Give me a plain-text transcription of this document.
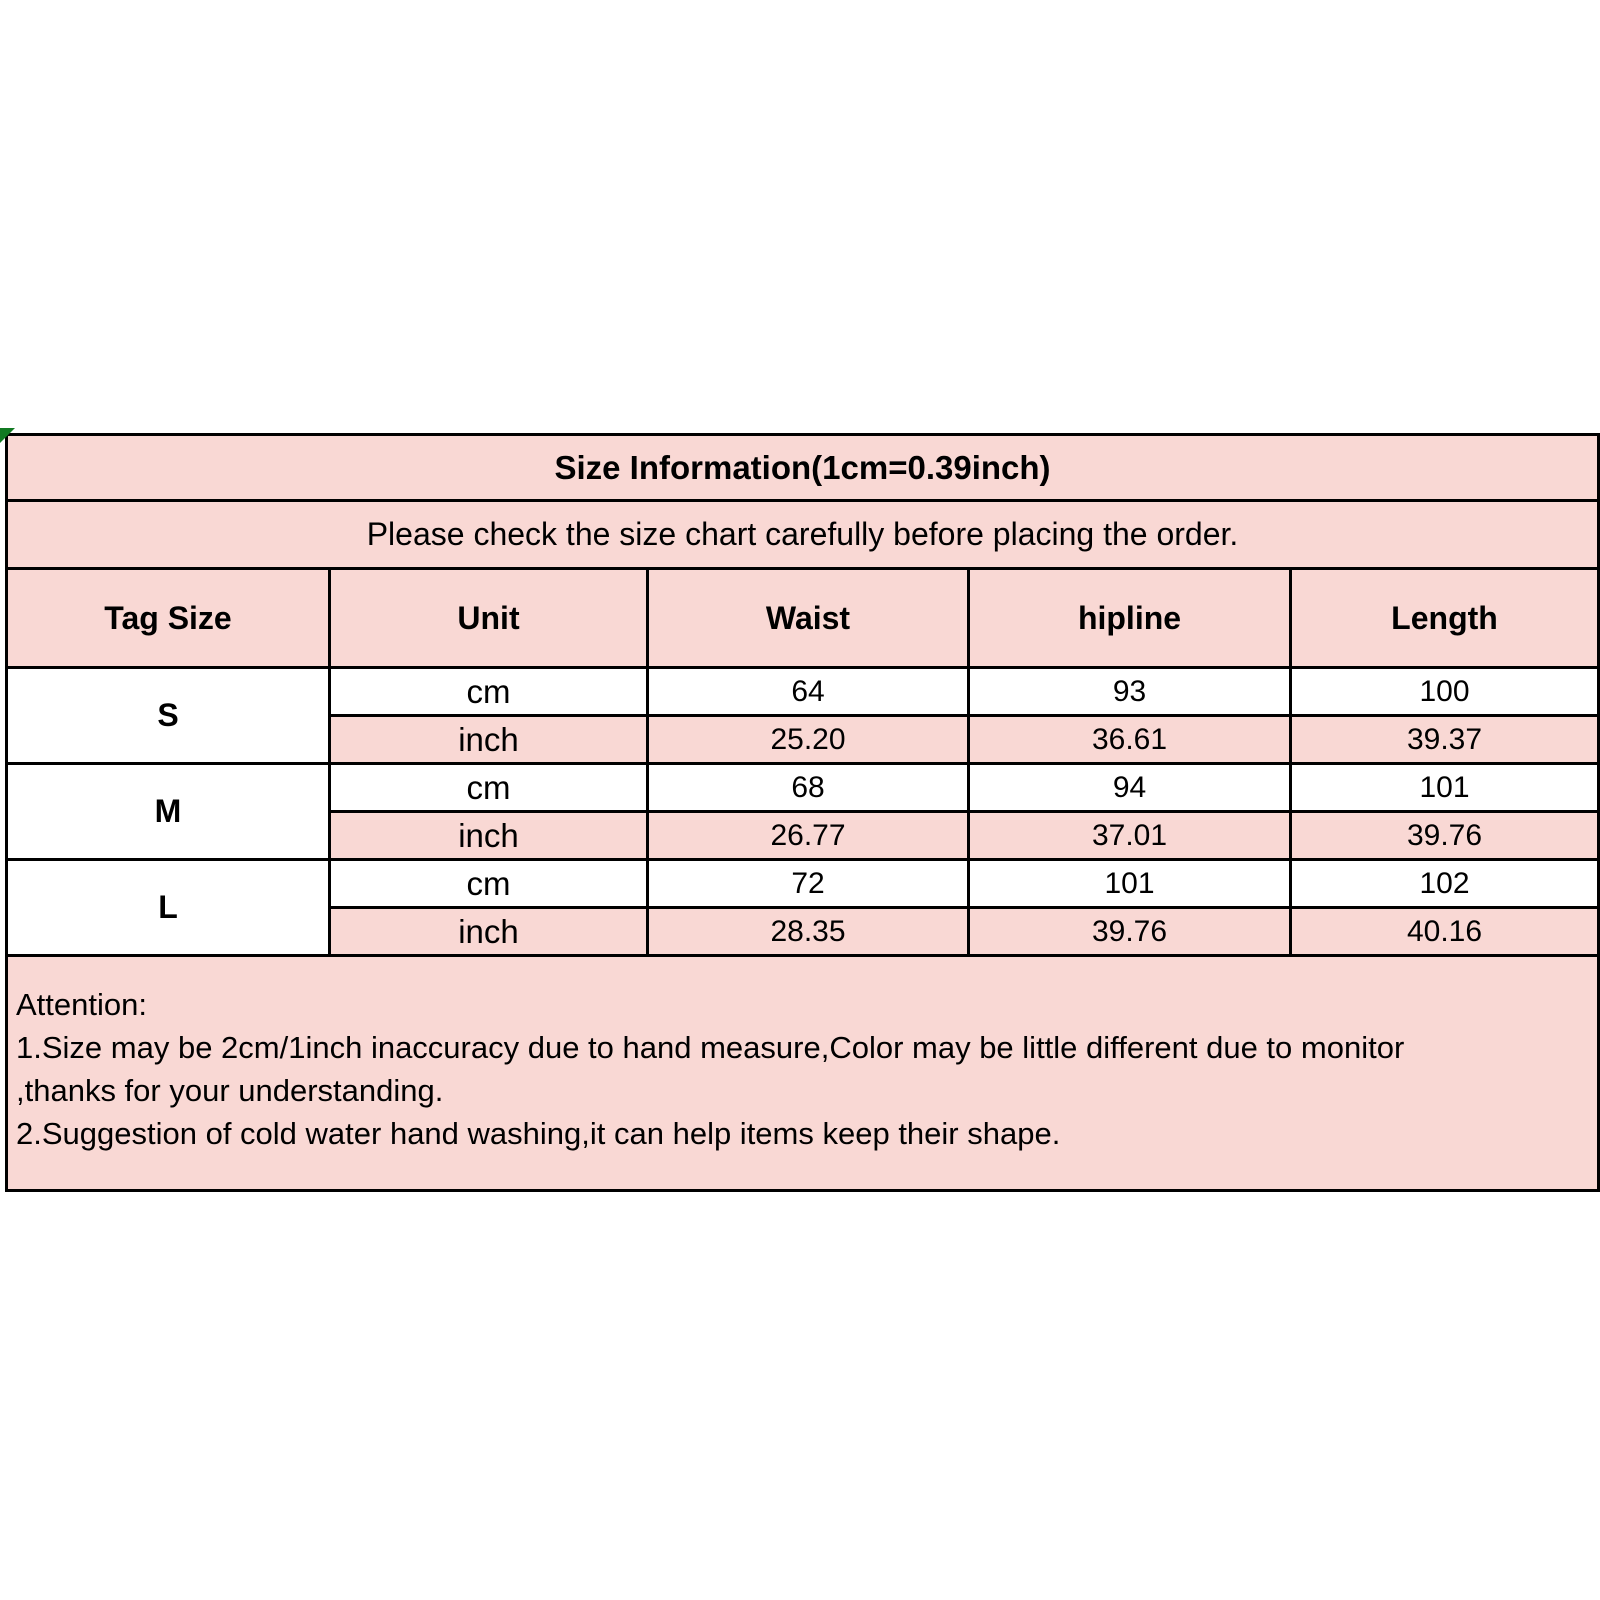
Size Information(1cm=0.39inch)				
Please check the size chart carefully before placing the order.				
Tag Size	Unit	Waist	hipline	Length
S	cm	64	93	100
	inch	25.20	36.61	39.37
M	cm	68	94	101
	inch	26.77	37.01	39.76
L	cm	72	101	102
	inch	28.35	39.76	40.16

Attention:
1.Size may be 2cm/1inch inaccuracy due to hand measure,Color may be little different due to monitor
,thanks for your understanding.
2.Suggestion of cold water hand washing,it can help items keep their shape.				
